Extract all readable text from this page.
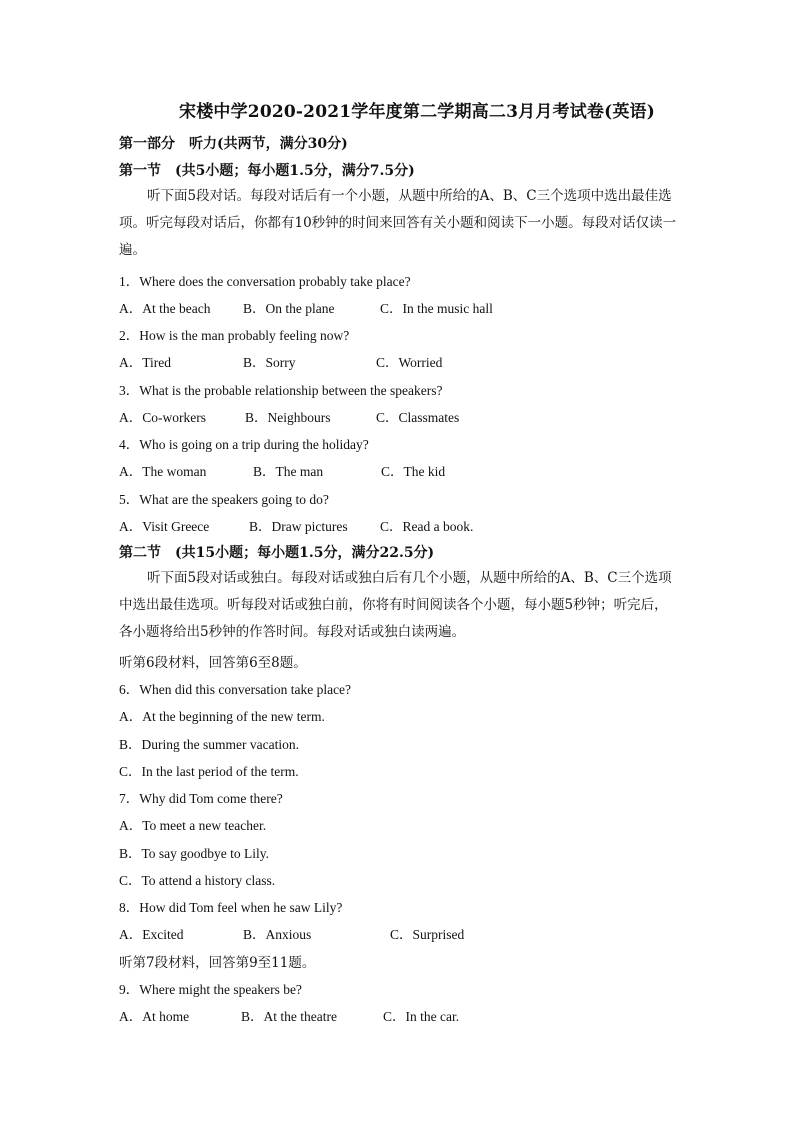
宋楼中学2020-2021学年度第二学期高二3月月考试卷(英语)
第一部分　听力(共两节，满分30分)
第一节　(共5小题；每小题1.5分，满分7.5分)
听下面5段对话。每段对话后有一个小题，从题中所给的A、B、C三个选项中选出最佳选项。听完每段对话后，你都有10秒钟的时间来回答有关小题和阅读下一小题。每段对话仅读一遍。
1．Where does the conversation probably take place?
A．At the beach B．On the plane	C．In the music hall
2．How is the man probably feeling now?
A．Tired	B．Sorry	C．Worried
3．What is the probable relationship between the speakers?
A．Co-workers	B．Neighbours	C．Classmates
4．Who is going on a trip during the holiday?
A．The woman	B．The man	C．The kid
5．What are the speakers going to do?
A．Visit Greece	B．Draw pictures C．Read a book.
第二节　(共15小题；每小题1.5分，满分22.5分)
听下面5段对话或独白。每段对话或独白后有几个小题，从题中所给的A、B、C三个选项中选出最佳选项。听每段对话或独白前，你将有时间阅读各个小题，每小题5秒钟；听完后，各小题将给出5秒钟的作答时间。每段对话或独白读两遍。
听第6段材料，回答第6至8题。
6．When did this conversation take place?
A．At the beginning of the new term.
B．During the summer vacation.
C．In the last period of the term.
7．Why did Tom come there?
A．To meet a new teacher.
B．To say goodbye to Lily.
C．To attend a history class.
8．How did Tom feel when he saw Lily?
A．Excited	B．Anxious	C．Surprised
听第7段材料，回答第9至11题。
9．Where might the speakers be?
A．At home	B．At the theatre	C．In the car.
